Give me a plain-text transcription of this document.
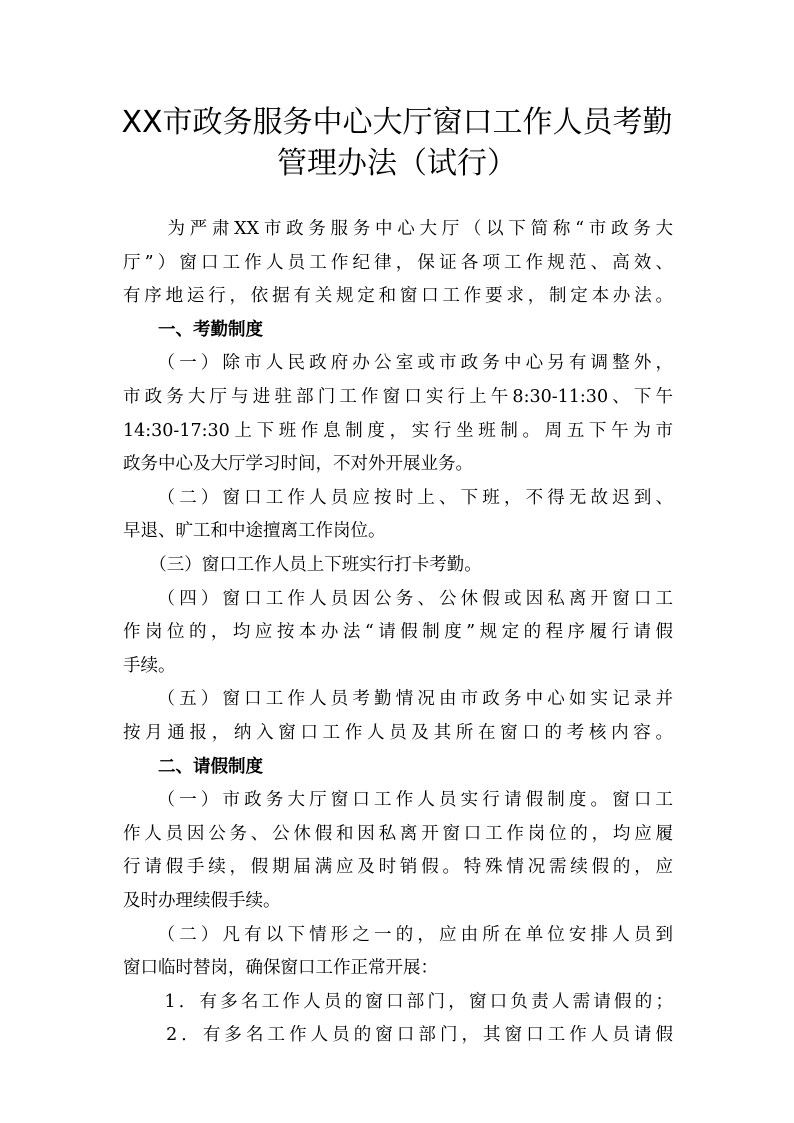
XX市政务服务中心大厅窗口工作人员考勤
管理办法（试行）
　　为严肃XX市政务服务中心大厅（以下简称“市政务大
厅”）窗口工作人员工作纪律，保证各项工作规范、高效、
有序地运行，依据有关规定和窗口工作要求，制定本办法。
　　一、考勤制度
　　（一）除市人民政府办公室或市政务中心另有调整外，
市政务大厅与进驻部门工作窗口实行上午8:30-11:30、下午
14:30-17:30上下班作息制度，实行坐班制。周五下午为市
政务中心及大厅学习时间，不对外开展业务。
　　（二）窗口工作人员应按时上、下班，不得无故迟到、
早退、旷工和中途擅离工作岗位。
　　（三）窗口工作人员上下班实行打卡考勤。
　　（四）窗口工作人员因公务、公休假或因私离开窗口工
作岗位的，均应按本办法“请假制度”规定的程序履行请假
手续。
　　（五）窗口工作人员考勤情况由市政务中心如实记录并
按月通报，纳入窗口工作人员及其所在窗口的考核内容。
　　二、请假制度
　　（一）市政务大厅窗口工作人员实行请假制度。窗口工
作人员因公务、公休假和因私离开窗口工作岗位的，均应履
行请假手续，假期届满应及时销假。特殊情况需续假的，应
及时办理续假手续。
　　（二）凡有以下情形之一的，应由所在单位安排人员到
窗口临时替岗，确保窗口工作正常开展：
　　1．有多名工作人员的窗口部门，窗口负责人需请假的；
　　2．有多名工作人员的窗口部门，其窗口工作人员请假
